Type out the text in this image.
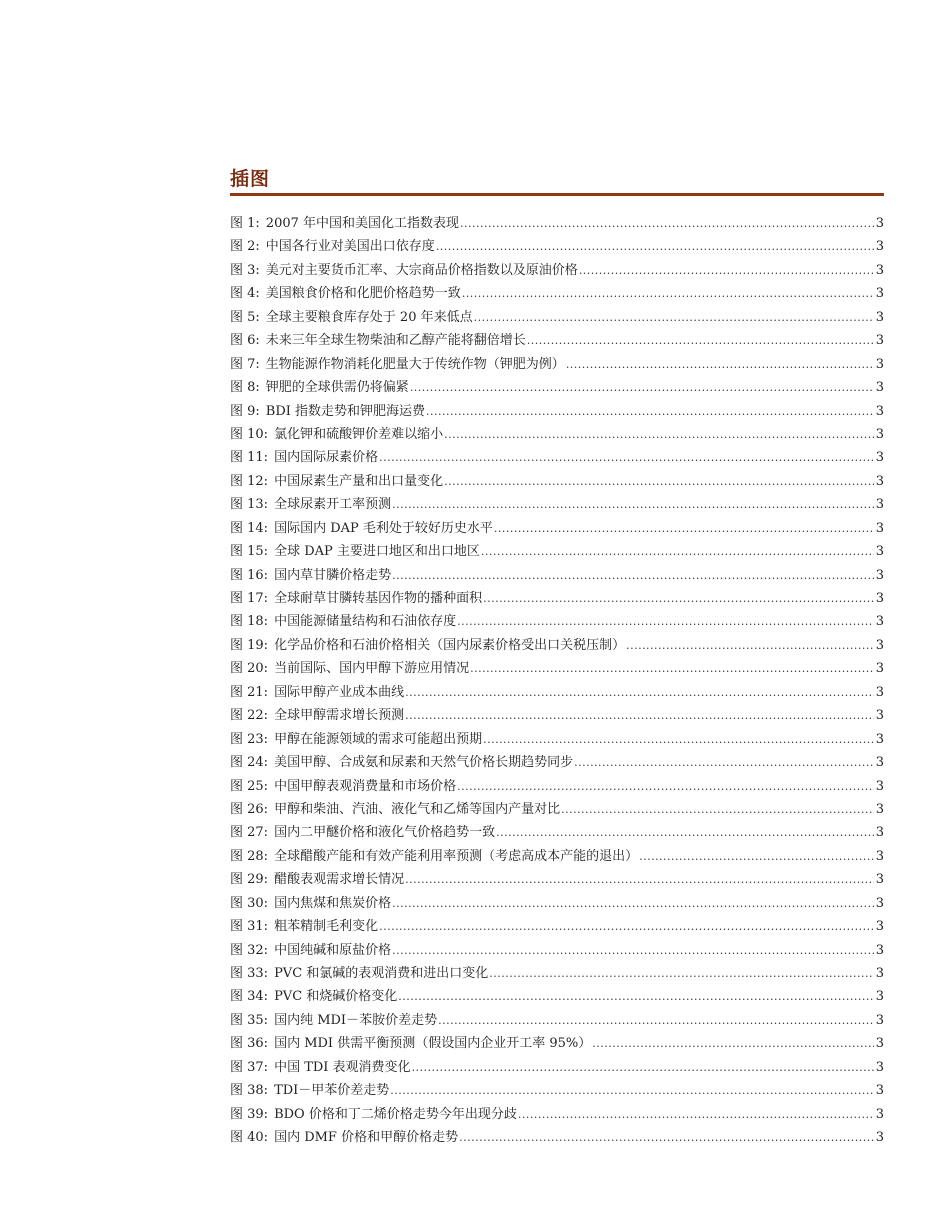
插图
图 1: 2007 年中国和美国化工指数表现 .....	3
图 2: 中国各行业对美国出口依存度 .....	3
图 3: 美元对主要货币汇率、大宗商品价格指数以及原油价格 .....	3
图 4: 美国粮食价格和化肥价格趋势一致 .....	3
图 5: 全球主要粮食库存处于 20 年来低点 .....	3
图 6: 未来三年全球生物柴油和乙醇产能将翻倍增长 .....	3
图 7: 生物能源作物消耗化肥量大于传统作物（钾肥为例） .....	3
图 8: 钾肥的全球供需仍将偏紧 .....	3
图 9: BDI 指数走势和钾肥海运费 .....	3
图 10: 氯化钾和硫酸钾价差难以缩小 .....	3
图 11: 国内国际尿素价格 .....	3
图 12: 中国尿素生产量和出口量变化 .....	3
图 13: 全球尿素开工率预测 .....	3
图 14: 国际国内 DAP 毛利处于较好历史水平 .....	3
图 15: 全球 DAP 主要进口地区和出口地区 .....	3
图 16: 国内草甘膦价格走势 .....	3
图 17: 全球耐草甘膦转基因作物的播种面积 .....	3
图 18: 中国能源储量结构和石油依存度 .....	3
图 19: 化学品价格和石油价格相关（国内尿素价格受出口关税压制） .....	3
图 20: 当前国际、国内甲醇下游应用情况 .....	3
图 21: 国际甲醇产业成本曲线 .....	3
图 22: 全球甲醇需求增长预测 .....	3
图 23: 甲醇在能源领域的需求可能超出预期 .....	3
图 24: 美国甲醇、合成氨和尿素和天然气价格长期趋势同步 .....	3
图 25: 中国甲醇表观消费量和市场价格 .....	3
图 26: 甲醇和柴油、汽油、液化气和乙烯等国内产量对比 .....	3
图 27: 国内二甲醚价格和液化气价格趋势一致 .....	3
图 28: 全球醋酸产能和有效产能利用率预测（考虑高成本产能的退出） .....	3
图 29: 醋酸表观需求增长情况 .....	3
图 30: 国内焦煤和焦炭价格 .....	3
图 31: 粗苯精制毛利变化 .....	3
图 32: 中国纯碱和原盐价格 .....	3
图 33: PVC 和氯碱的表观消费和进出口变化 .....	3
图 34: PVC 和烧碱价格变化 .....	3
图 35: 国内纯 MDI－苯胺价差走势 .....	3
图 36: 国内 MDI 供需平衡预测（假设国内企业开工率 95%） .....	3
图 37: 中国 TDI 表观消费变化 .....	3
图 38: TDI－甲苯价差走势 .....	3
图 39: BDO 价格和丁二烯价格走势今年出现分歧 .....	3
图 40: 国内 DMF 价格和甲醇价格走势 .....	3
